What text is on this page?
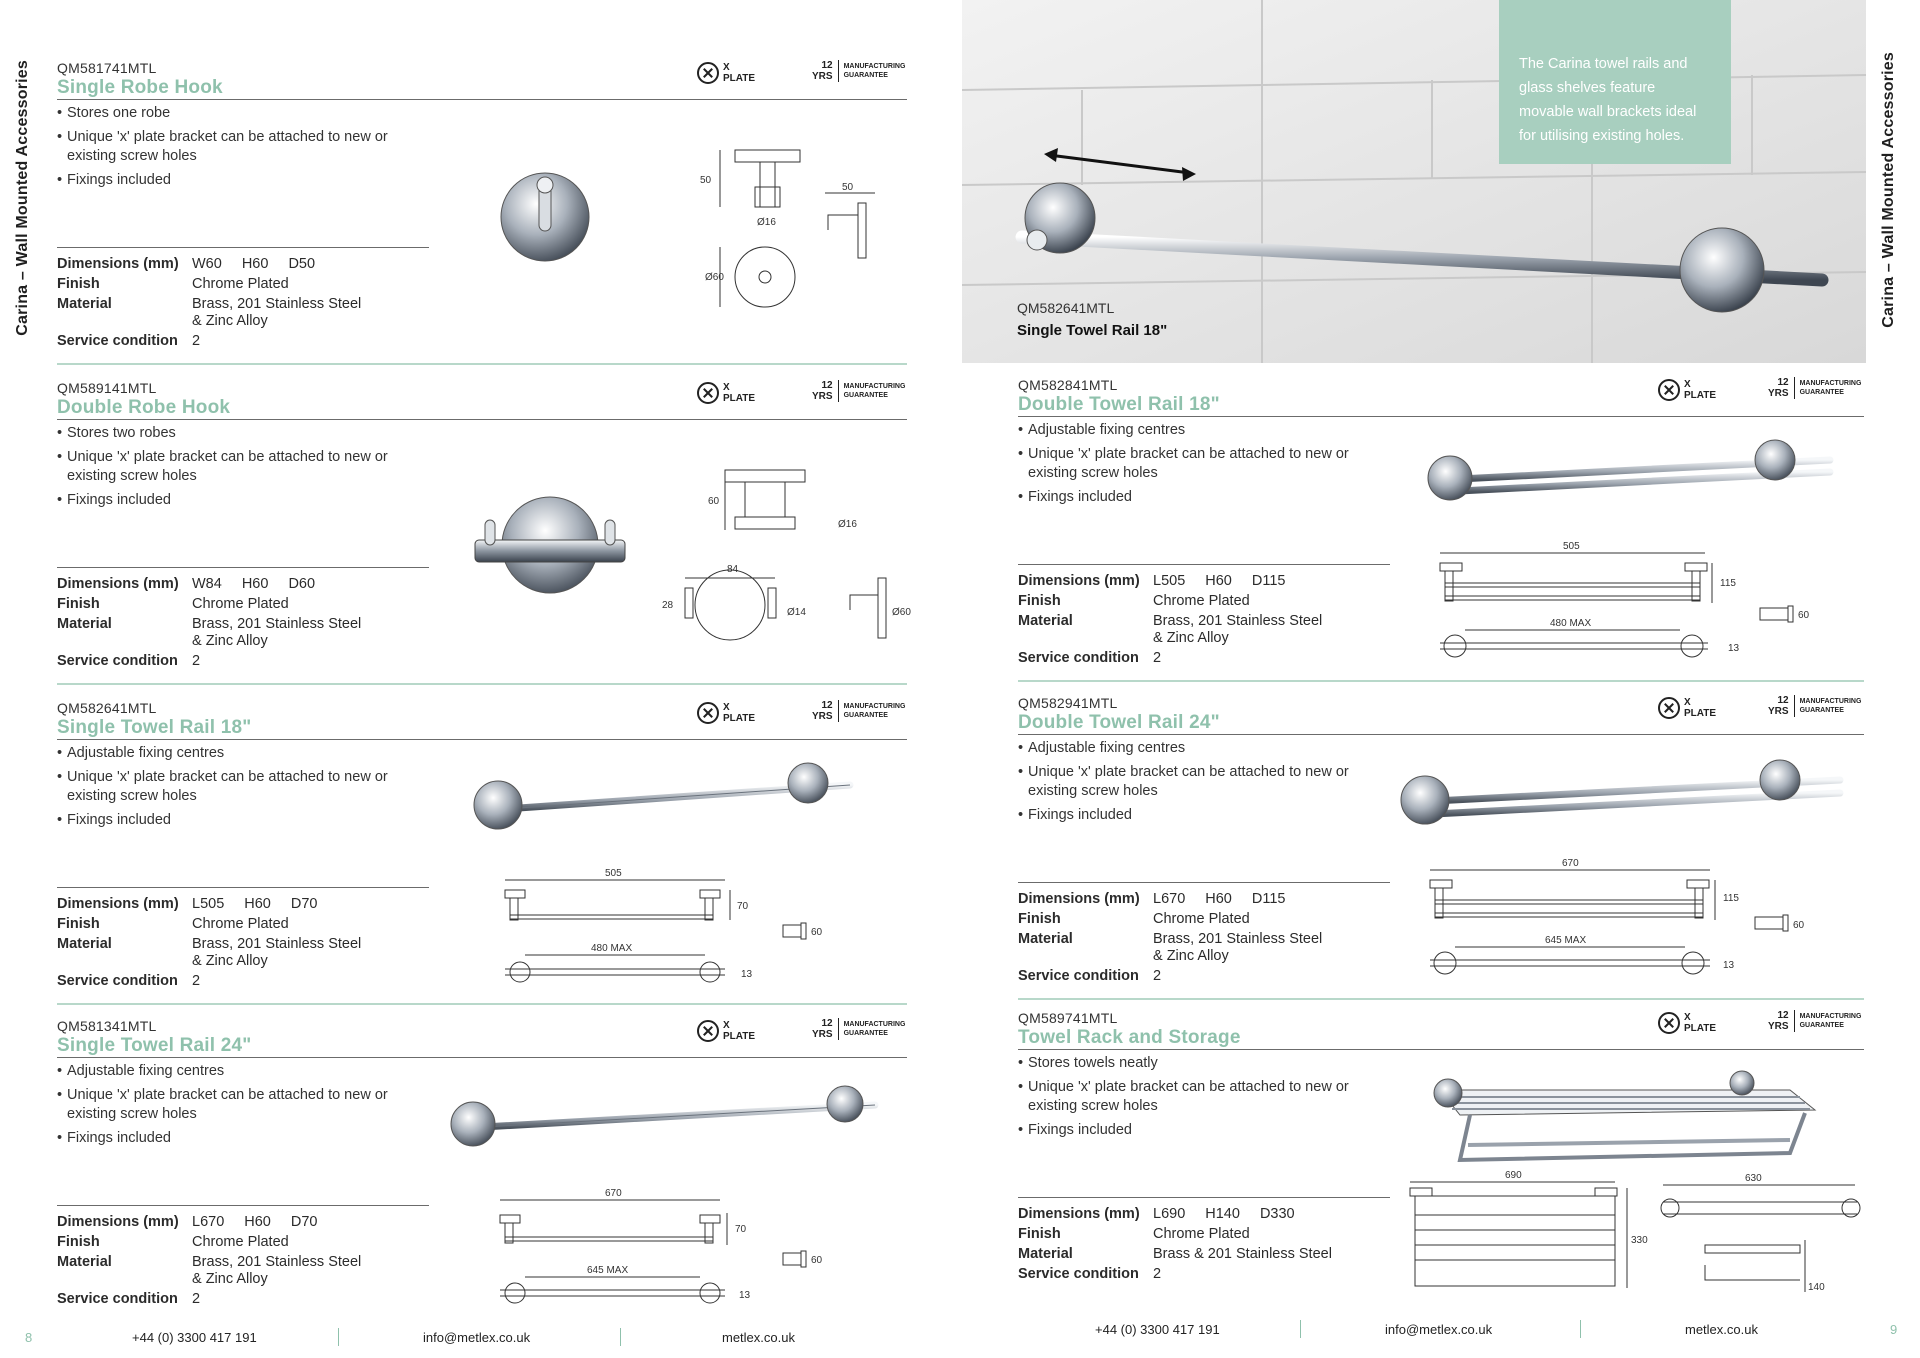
Carina – Wall Mounted Accessories QM581741MTL
Single Robe Hook
X
PLATE
12
YRS
MANUFACTURING
GUARANTEE
• Stores one robe
• Unique 'x' plate bracket can be attached to new or existing screw holes
• Fixings included
Dimensions (mm) W60 H60 D50
Finish	Chrome Plated
Material	Brass, 201 Stainless Steel
& Zinc Alloy
Service condition 2
50
50
Ø16
Ø60
QM589141MTL
Double Robe Hook
X
PLATE
12
YRS
MANUFACTURING
GUARANTEE
• Stores two robes
• Unique 'x' plate bracket can be attached to new or existing screw holes
• Fixings included
Dimensions (mm) W84 H60 D60
Finish	Chrome Plated
Material	Brass, 201 Stainless Steel
& Zinc Alloy
Service condition 2
60
Ø16
84
28
Ø14	Ø60
QM582641MTL
Single Towel Rail 18"
X
PLATE
12
YRS
MANUFACTURING
GUARANTEE
• Adjustable fixing centres
• Unique 'x' plate bracket can be attached to new or existing screw holes
• Fixings included
Dimensions (mm) L505 H60 D70
Finish	Chrome Plated
Material	Brass, 201 Stainless Steel
& Zinc Alloy
Service condition 2
505
70
480 MAX
60
13
QM581341MTL
Single Towel Rail 24"
X
PLATE
12
YRS
MANUFACTURING
GUARANTEE
• Adjustable fixing centres
• Unique 'x' plate bracket can be attached to new or existing screw holes
• Fixings included
Dimensions (mm) L670 H60 D70
Finish	Chrome Plated
Material	Brass, 201 Stainless Steel
& Zinc Alloy
Service condition 2
670
70
645 MAX
60
13
8	+44 (0) 3300 417 191	info@metlex.co.uk	metlex.co.uk
Carina – Wall Mounted Accessories

The Carina towel rails and glass shelves feature movable wall brackets ideal for utilising existing holes.

QM582641MTL
Single Towel Rail 18"
QM582841MTL
Double Towel Rail 18"
X
PLATE
12
YRS
MANUFACTURING
GUARANTEE
• Adjustable fixing centres
• Unique 'x' plate bracket can be attached to new or existing screw holes
• Fixings included
Dimensions (mm) L505 H60 D115
Finish	Chrome Plated
Material	Brass, 201 Stainless Steel
& Zinc Alloy
Service condition 2
505
115
480 MAX
60
13
QM582941MTL
Double Towel Rail 24"
X
PLATE
12
YRS
MANUFACTURING
GUARANTEE
• Adjustable fixing centres
• Unique 'x' plate bracket can be attached to new or existing screw holes
• Fixings included
Dimensions (mm) L670 H60 D115
Finish	Chrome Plated
Material	Brass, 201 Stainless Steel
& Zinc Alloy
Service condition 2
670
115
645 MAX
60
13
QM589741MTL
Towel Rack and Storage
X
PLATE
12
YRS
MANUFACTURING
GUARANTEE
• Stores towels neatly
• Unique 'x' plate bracket can be attached to new or existing screw holes
• Fixings included
Dimensions (mm) L690 H140 D330
Finish	Chrome Plated
Material	Brass & 201 Stainless Steel
Service condition 2
690
330
630
140
+44 (0) 3300 417 191	info@metlex.co.uk	metlex.co.uk	9
